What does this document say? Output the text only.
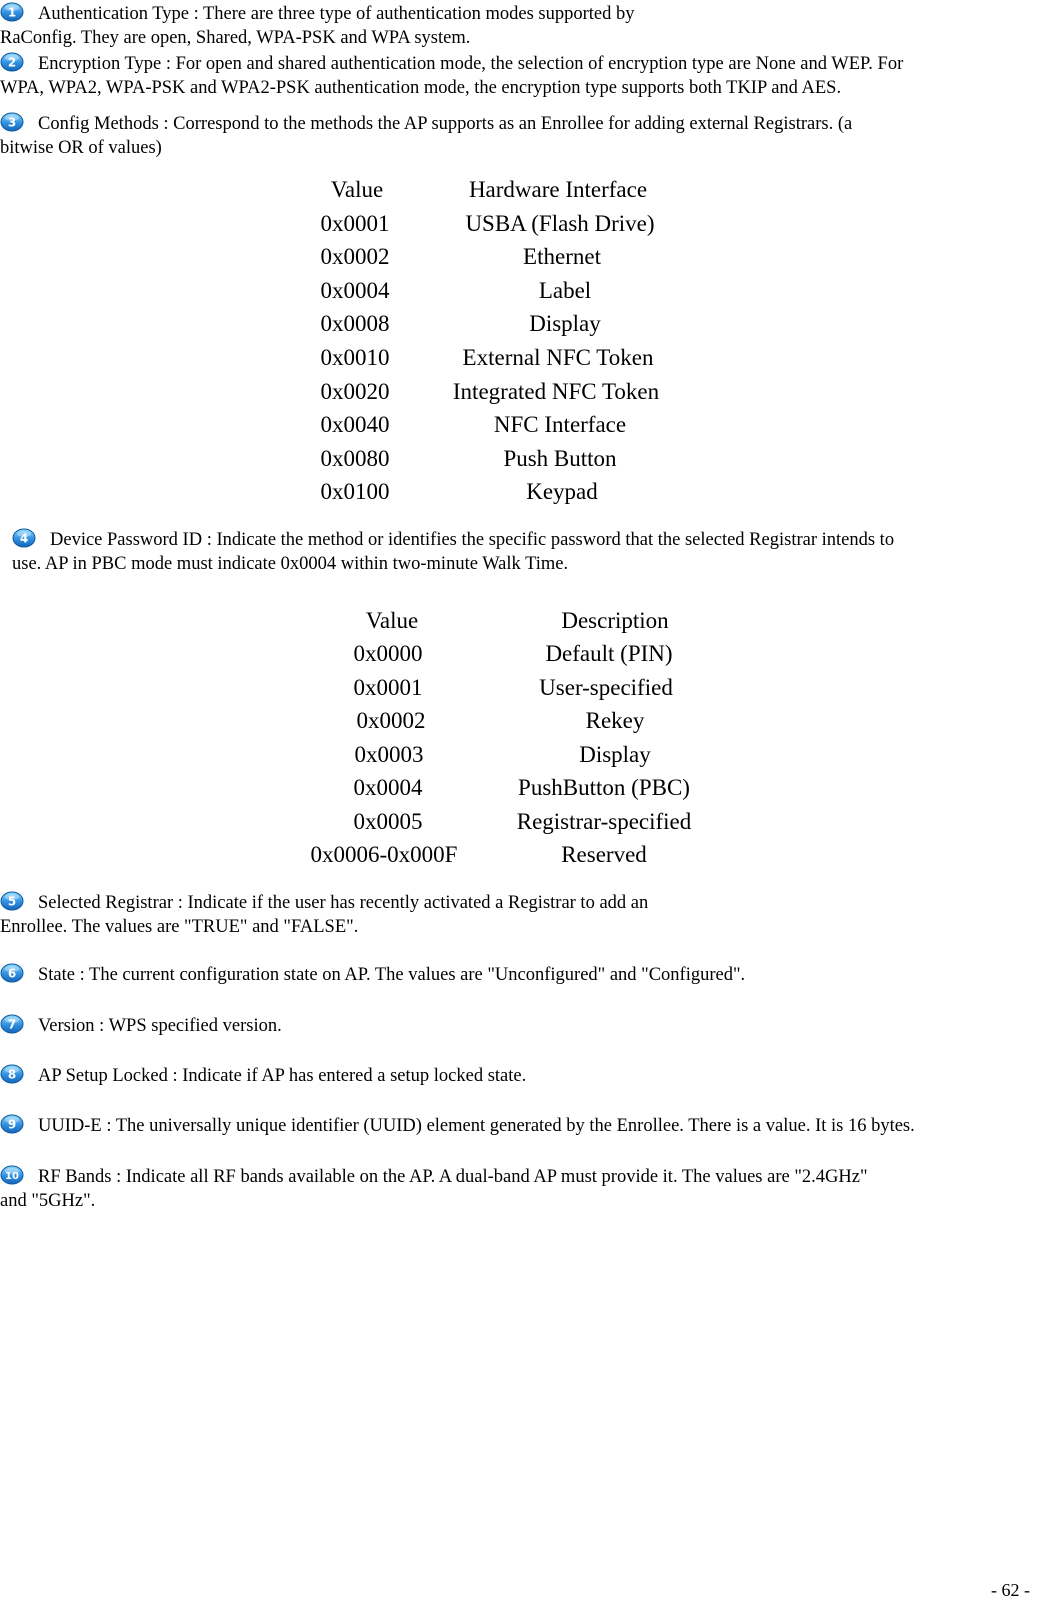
1 Authentication Type : There are three type of authentication modes supported by
RaConfig. They are open, Shared, WPA-PSK and WPA system.
2 Encryption Type : For open and shared authentication mode, the selection of encryption type are None and WEP. For
WPA, WPA2, WPA-PSK and WPA2-PSK authentication mode, the encryption type supports both TKIP and AES.
3 Config Methods : Correspond to the methods the AP supports as an Enrollee for adding external Registrars. (a
bitwise OR of values)
Value	Hardware Interface
0x0001	USBA (Flash Drive)
0x0002	Ethernet
0x0004	Label
0x0008	Display
0x0010	External NFC Token
0x0020	Integrated NFC Token
0x0040	NFC Interface
0x0080	Push Button
0x0100	Keypad
4 Device Password ID : Indicate the method or identifies the specific password that the selected Registrar intends to
use. AP in PBC mode must indicate 0x0004 within two-minute Walk Time.
Value	Description
0x0000	Default (PIN)
0x0001	User-specified
0x0002	Rekey
0x0003	Display
0x0004	PushButton (PBC)
0x0005	Registrar-specified
0x0006-0x000F	Reserved
5 Selected Registrar : Indicate if the user has recently activated a Registrar to add an
Enrollee. The values are "TRUE" and "FALSE".
6 State : The current configuration state on AP. The values are "Unconfigured" and "Configured".
7 Version : WPS specified version.
8 AP Setup Locked : Indicate if AP has entered a setup locked state.
9 UUID-E : The universally unique identifier (UUID) element generated by the Enrollee. There is a value. It is 16 bytes.
10 RF Bands : Indicate all RF bands available on the AP. A dual-band AP must provide it. The values are "2.4GHz"
and "5GHz".
- 62 -
